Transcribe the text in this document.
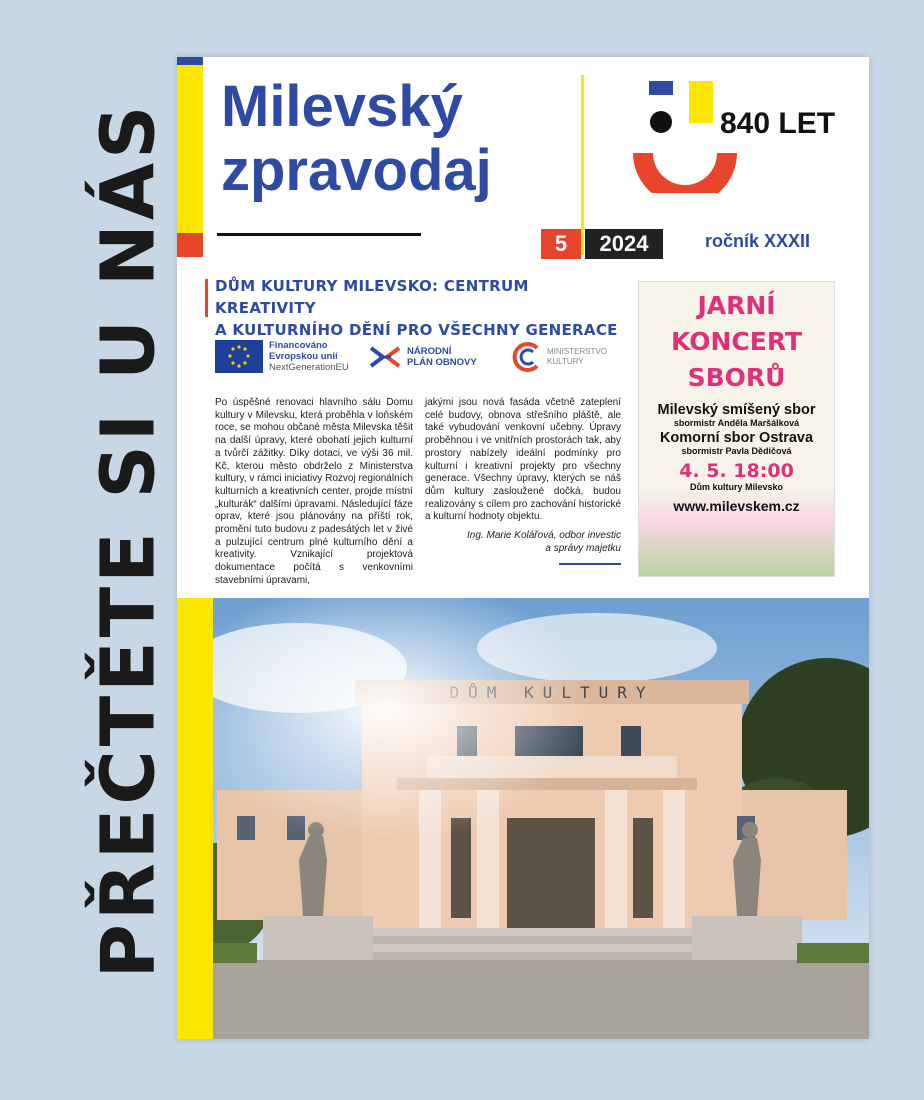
PŘEČTĚTE SI U NÁS Milevský
zpravodaj
5	2024	ročník XXXII
840 LET
DŮM KULTURY MILEVSKO: CENTRUM KREATIVITY
A KULTURNÍHO DĚNÍ PRO VŠECHNY GENERACE
Financováno
Evropskou unií
NextGenerationEU
NÁRODNÍ
PLÁN OBNOVY
MINISTERSTVO
KULTURY
Po úspěšné renovaci hlavního sálu Domu kultury v Milevsku, která proběhla v loňském roce, se mohou občané města Milevska těšit na další úpravy, které obohatí jejich kulturní a tvůrčí zážitky. Díky dotaci, ve výši 36 mil. Kč, kterou město obdrželo z Ministerstva kultury, v rámci iniciativy Rozvoj regionálních kulturních a kreativních center, projde místní „kulturák“ dalšími úpravami. Následující fáze oprav, které jsou plánovány na příští rok, promění tuto budovu z padesátých let v živé a pulzující centrum plné kulturního dění a kreativity. Vznikající projektová dokumentace počítá s venkovními stavebními úpravami,
jakými jsou nová fasáda včetně zateplení celé budovy, obnova střešního pláště, ale také vybudování venkovní učebny. Úpravy proběhnou i ve vnitřních prostorách tak, aby prostory nabízely ideální podmínky pro kulturní i kreativní projekty pro všechny generace. Všechny úpravy, kterých se náš dům kultury zasloužené dočká, budou realizovány s cílem pro zachování historické a kulturní hodnoty objektu.
Ing. Marie Kolářová, odbor investic
a správy majetku
JARNÍ
KONCERT
SBORŮ
Milevský smíšený sbor
sbormistr Anděla Maršálková
Komorní sbor Ostrava
sbormistr Pavla Dědičová
4. 5. 18:00
Dům kultury Milevsko
www.milevskem.cz
